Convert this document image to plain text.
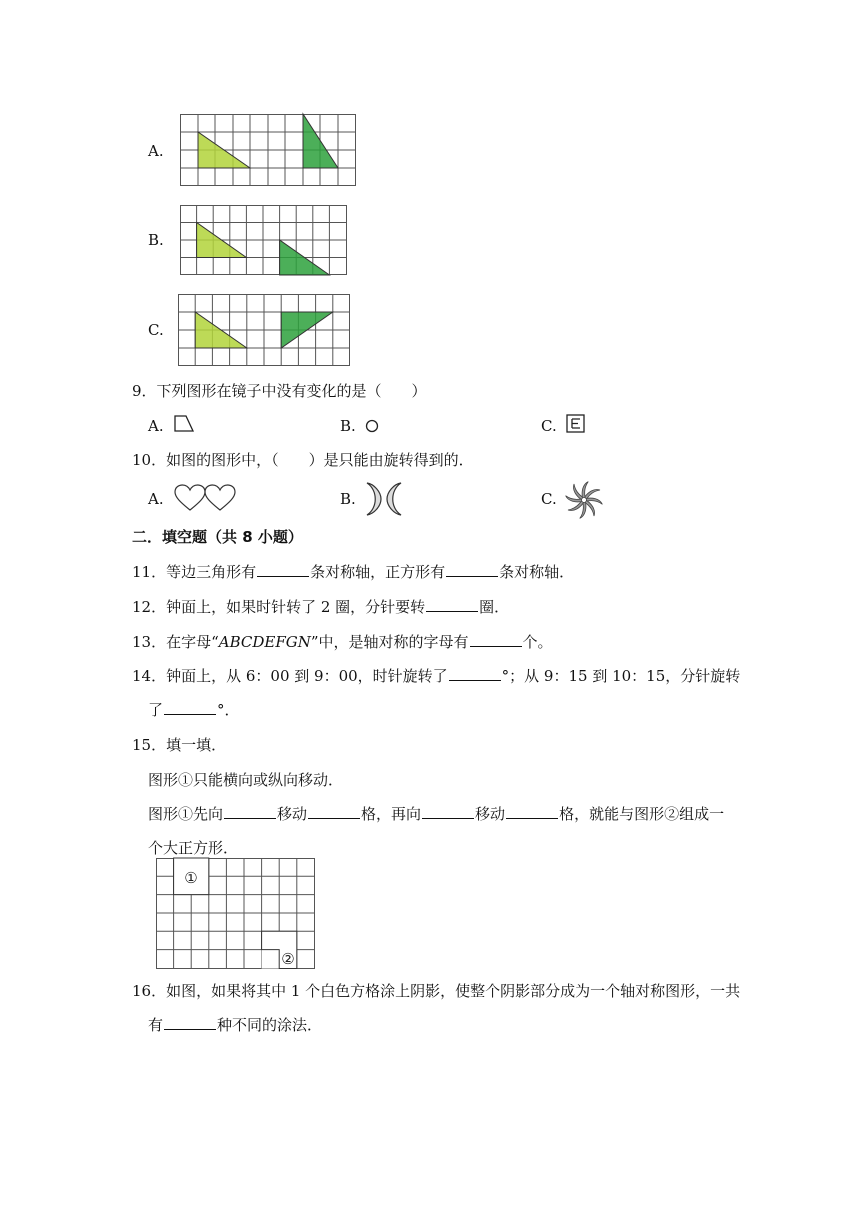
A.
B.
C.
9．下列图形在镜子中没有变化的是（　　）
A.	B.	C.
10．如图的图形中，（　　）是只能由旋转得到的．
A.	B.	C.
二．填空题（共 8 小题）
11．等边三角形有	条对称轴，正方形有	条对称轴．
12．钟面上，如果时针转了 2 圈，分针要转	圈．
13．在字母“ABCDEFGN”中，是轴对称的字母有	个。
14．钟面上，从 6：00 到 9：00，时针旋转了	°；从 9：15 到 10：15，分针旋转
了	°．
15．填一填．
图形①只能横向或纵向移动．
图形①先向	移动	格，再向	移动	格，就能与图形②组成一
个大正方形．
①
②
16．如图，如果将其中 1 个白色方格涂上阴影，使整个阴影部分成为一个轴对称图形，一共
有	种不同的涂法．
